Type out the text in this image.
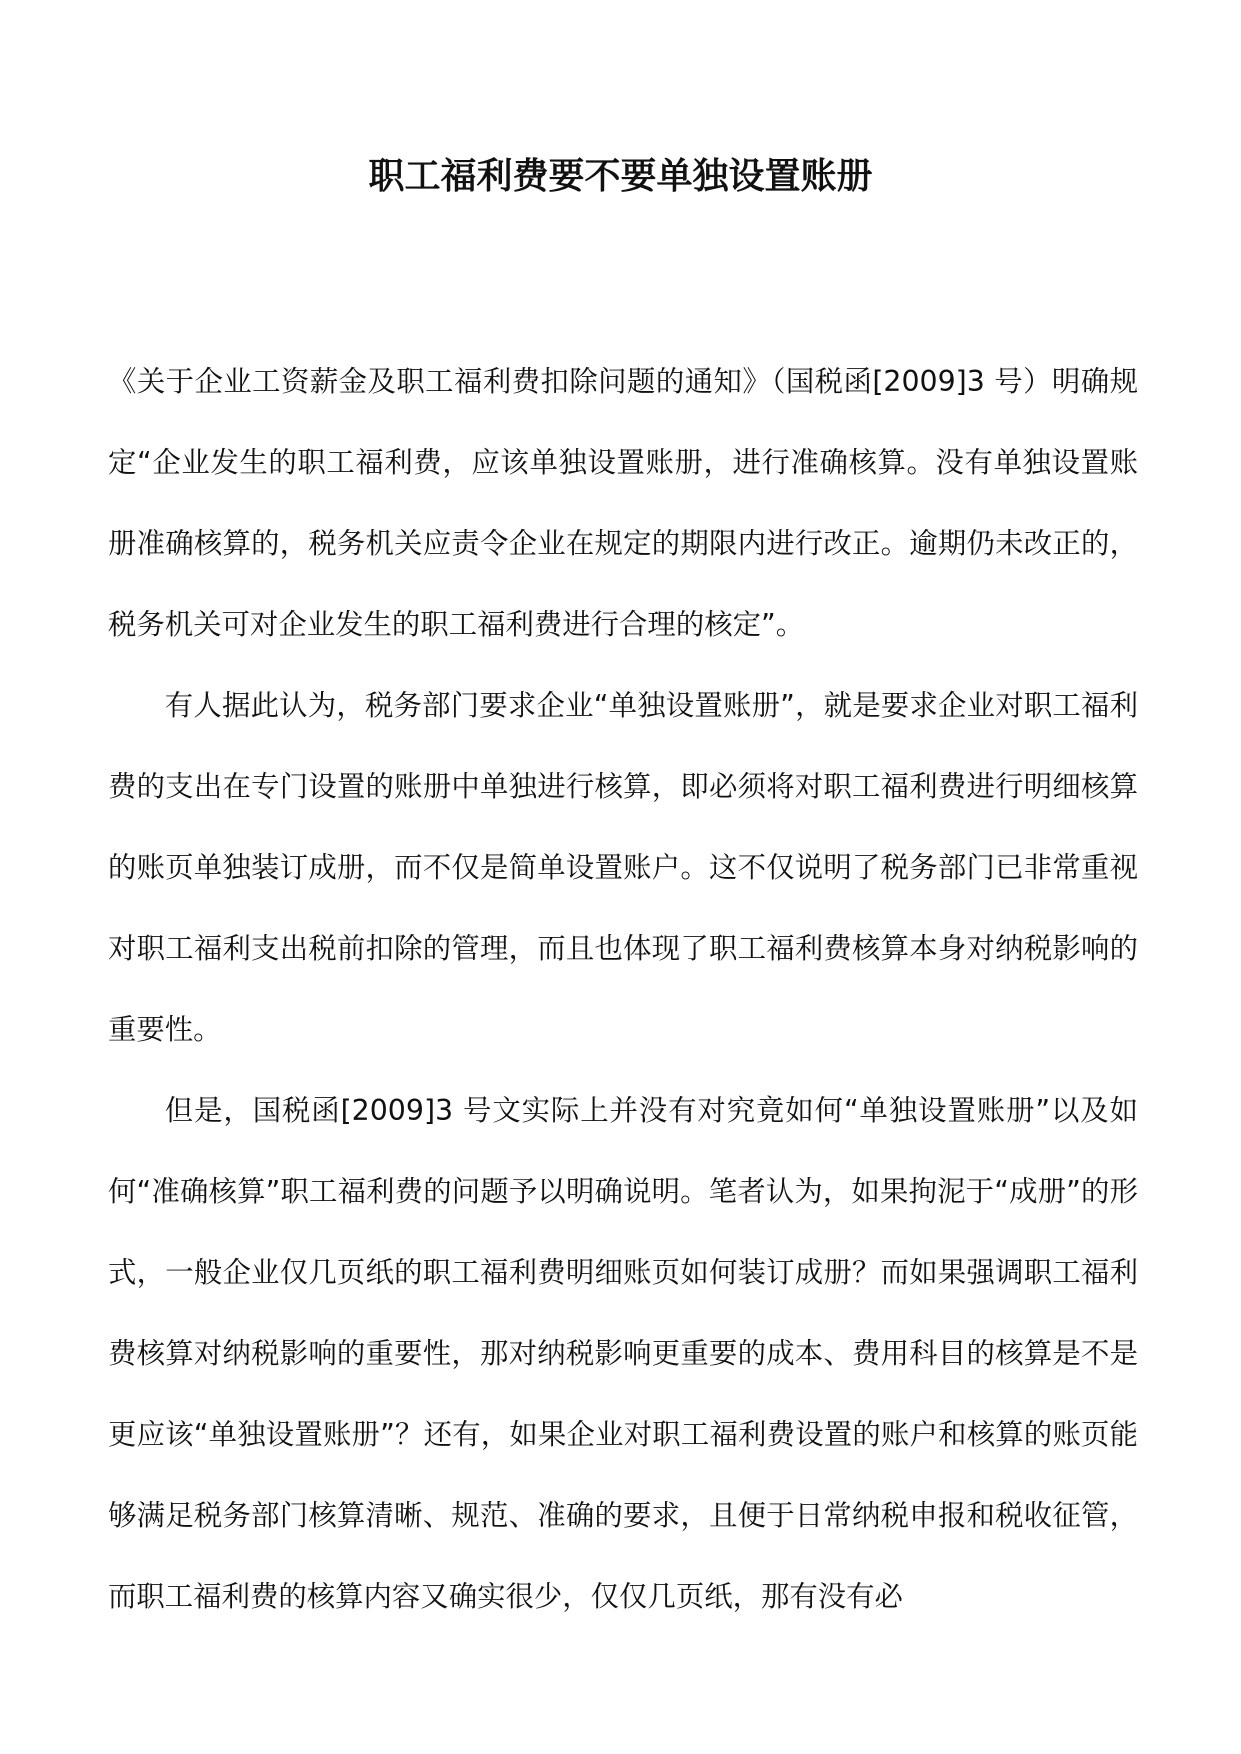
职工福利费要不要单独设置账册

《关于企业工资薪金及职工福利费扣除问题的通知》（国税函[2009]3 号）明确规定“企业发生的职工福利费，应该单独设置账册，进行准确核算。没有单独设置账册准确核算的，税务机关应责令企业在规定的期限内进行改正。逾期仍未改正的，税务机关可对企业发生的职工福利费进行合理的核定”。

有人据此认为，税务部门要求企业“单独设置账册”，就是要求企业对职工福利费的支出在专门设置的账册中单独进行核算，即必须将对职工福利费进行明细核算的账页单独装订成册，而不仅是简单设置账户。这不仅说明了税务部门已非常重视对职工福利支出税前扣除的管理，而且也体现了职工福利费核算本身对纳税影响的重要性。

但是，国税函[2009]3 号文实际上并没有对究竟如何“单独设置账册”以及如何“准确核算”职工福利费的问题予以明确说明。笔者认为，如果拘泥于“成册”的形式，一般企业仅几页纸的职工福利费明细账页如何装订成册？而如果强调职工福利费核算对纳税影响的重要性，那对纳税影响更重要的成本、费用科目的核算是不是更应该“单独设置账册”？还有，如果企业对职工福利费设置的账户和核算的账页能够满足税务部门核算清晰、规范、准确的要求，且便于日常纳税申报和税收征管，而职工福利费的核算内容又确实很少，仅仅几页纸，那有没有必
